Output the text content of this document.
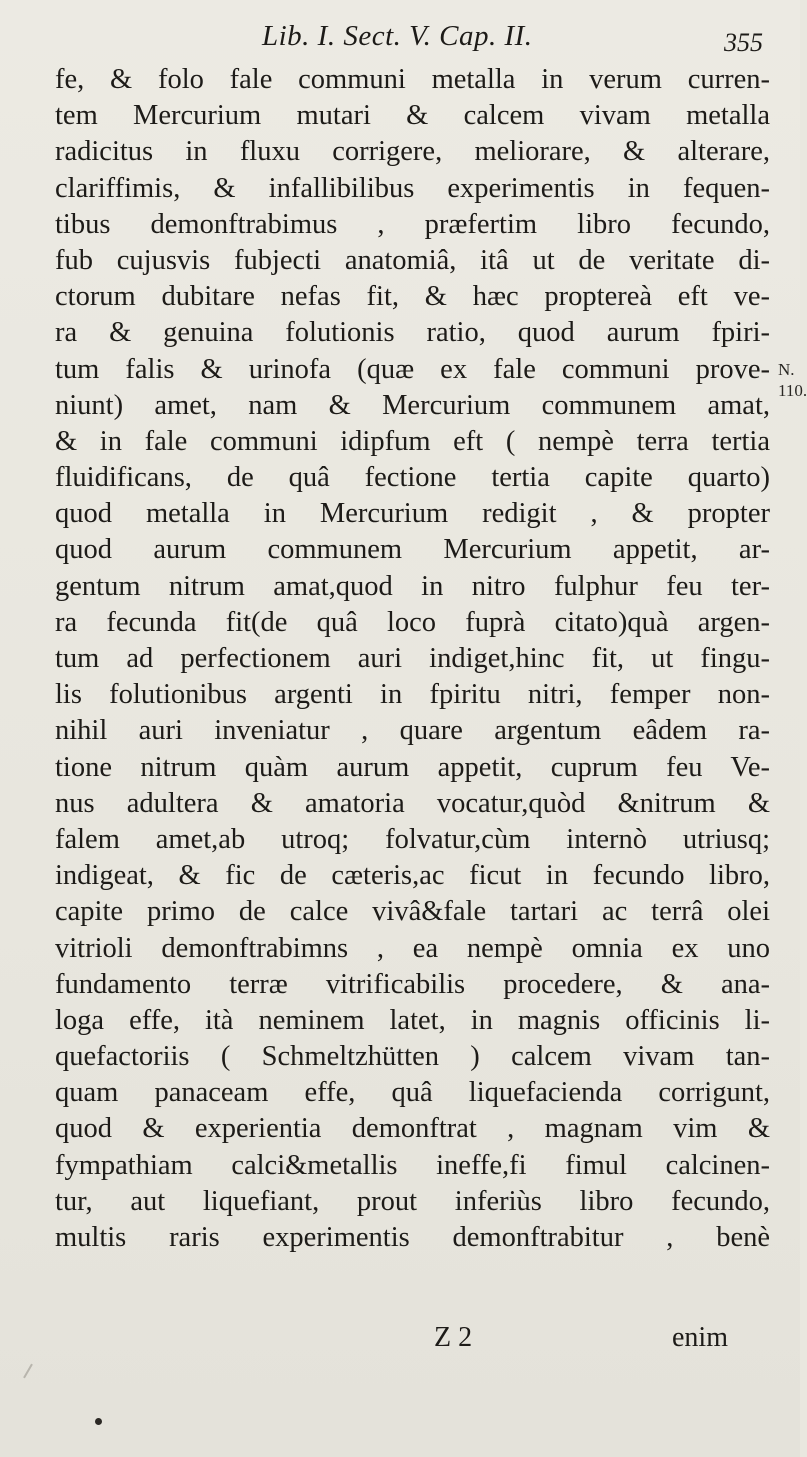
Lib. I. Sect. V. Cap. II.	355
fe, & folo fale communi metalla in verum curren-
tem Mercurium mutari & calcem vivam metalla
radicitus in fluxu corrigere, meliorare, & alterare,
clariffimis, & infallibilibus experimentis in fequen-
tibus demonftrabimus , præfertim libro fecundo,
fub cujusvis fubjecti anatomiâ, itâ ut de veritate di-
ctorum dubitare nefas fit, & hæc proptereà eft ve-
ra & genuina folutionis ratio, quod aurum fpiri-
tum falis & urinofa (quæ ex fale communi prove-
niunt) amet, nam & Mercurium communem amat,
& in fale communi idipfum eft ( nempè terra tertia
fluidificans, de quâ fectione tertia capite quarto)
quod metalla in Mercurium redigit , & propter
quod aurum communem Mercurium appetit, ar-
gentum nitrum amat,quod in nitro fulphur feu ter-
ra fecunda fit(de quâ loco fuprà citato)quà argen-
tum ad perfectionem auri indiget,hinc fit, ut fingu-
lis folutionibus argenti in fpiritu nitri, femper non-
nihil auri inveniatur , quare argentum eâdem ra-
tione nitrum quàm aurum appetit, cuprum feu Ve-
nus adultera & amatoria vocatur,quòd &nitrum &
falem amet,ab utroq; folvatur,cùm internò utriusq;
indigeat, & fic de cæteris,ac ficut in fecundo libro,
capite primo de calce vivâ&fale tartari ac terrâ olei
vitrioli demonftrabimns , ea nempè omnia ex uno
fundamento terræ vitrificabilis procedere, & ana-
loga effe, ità neminem latet, in magnis officinis li-
quefactoriis ( Schmeltzhütten ) calcem vivam tan-
quam panaceam effe, quâ liquefacienda corrigunt,
quod & experientia demonftrat , magnam vim &
fympathiam calci&metallis ineffe,fi fimul calcinen-
tur, aut liquefiant, prout inferiùs libro fecundo,
multis raris experimentis demonftrabitur , benè
N.
110.
Z 2	enim
